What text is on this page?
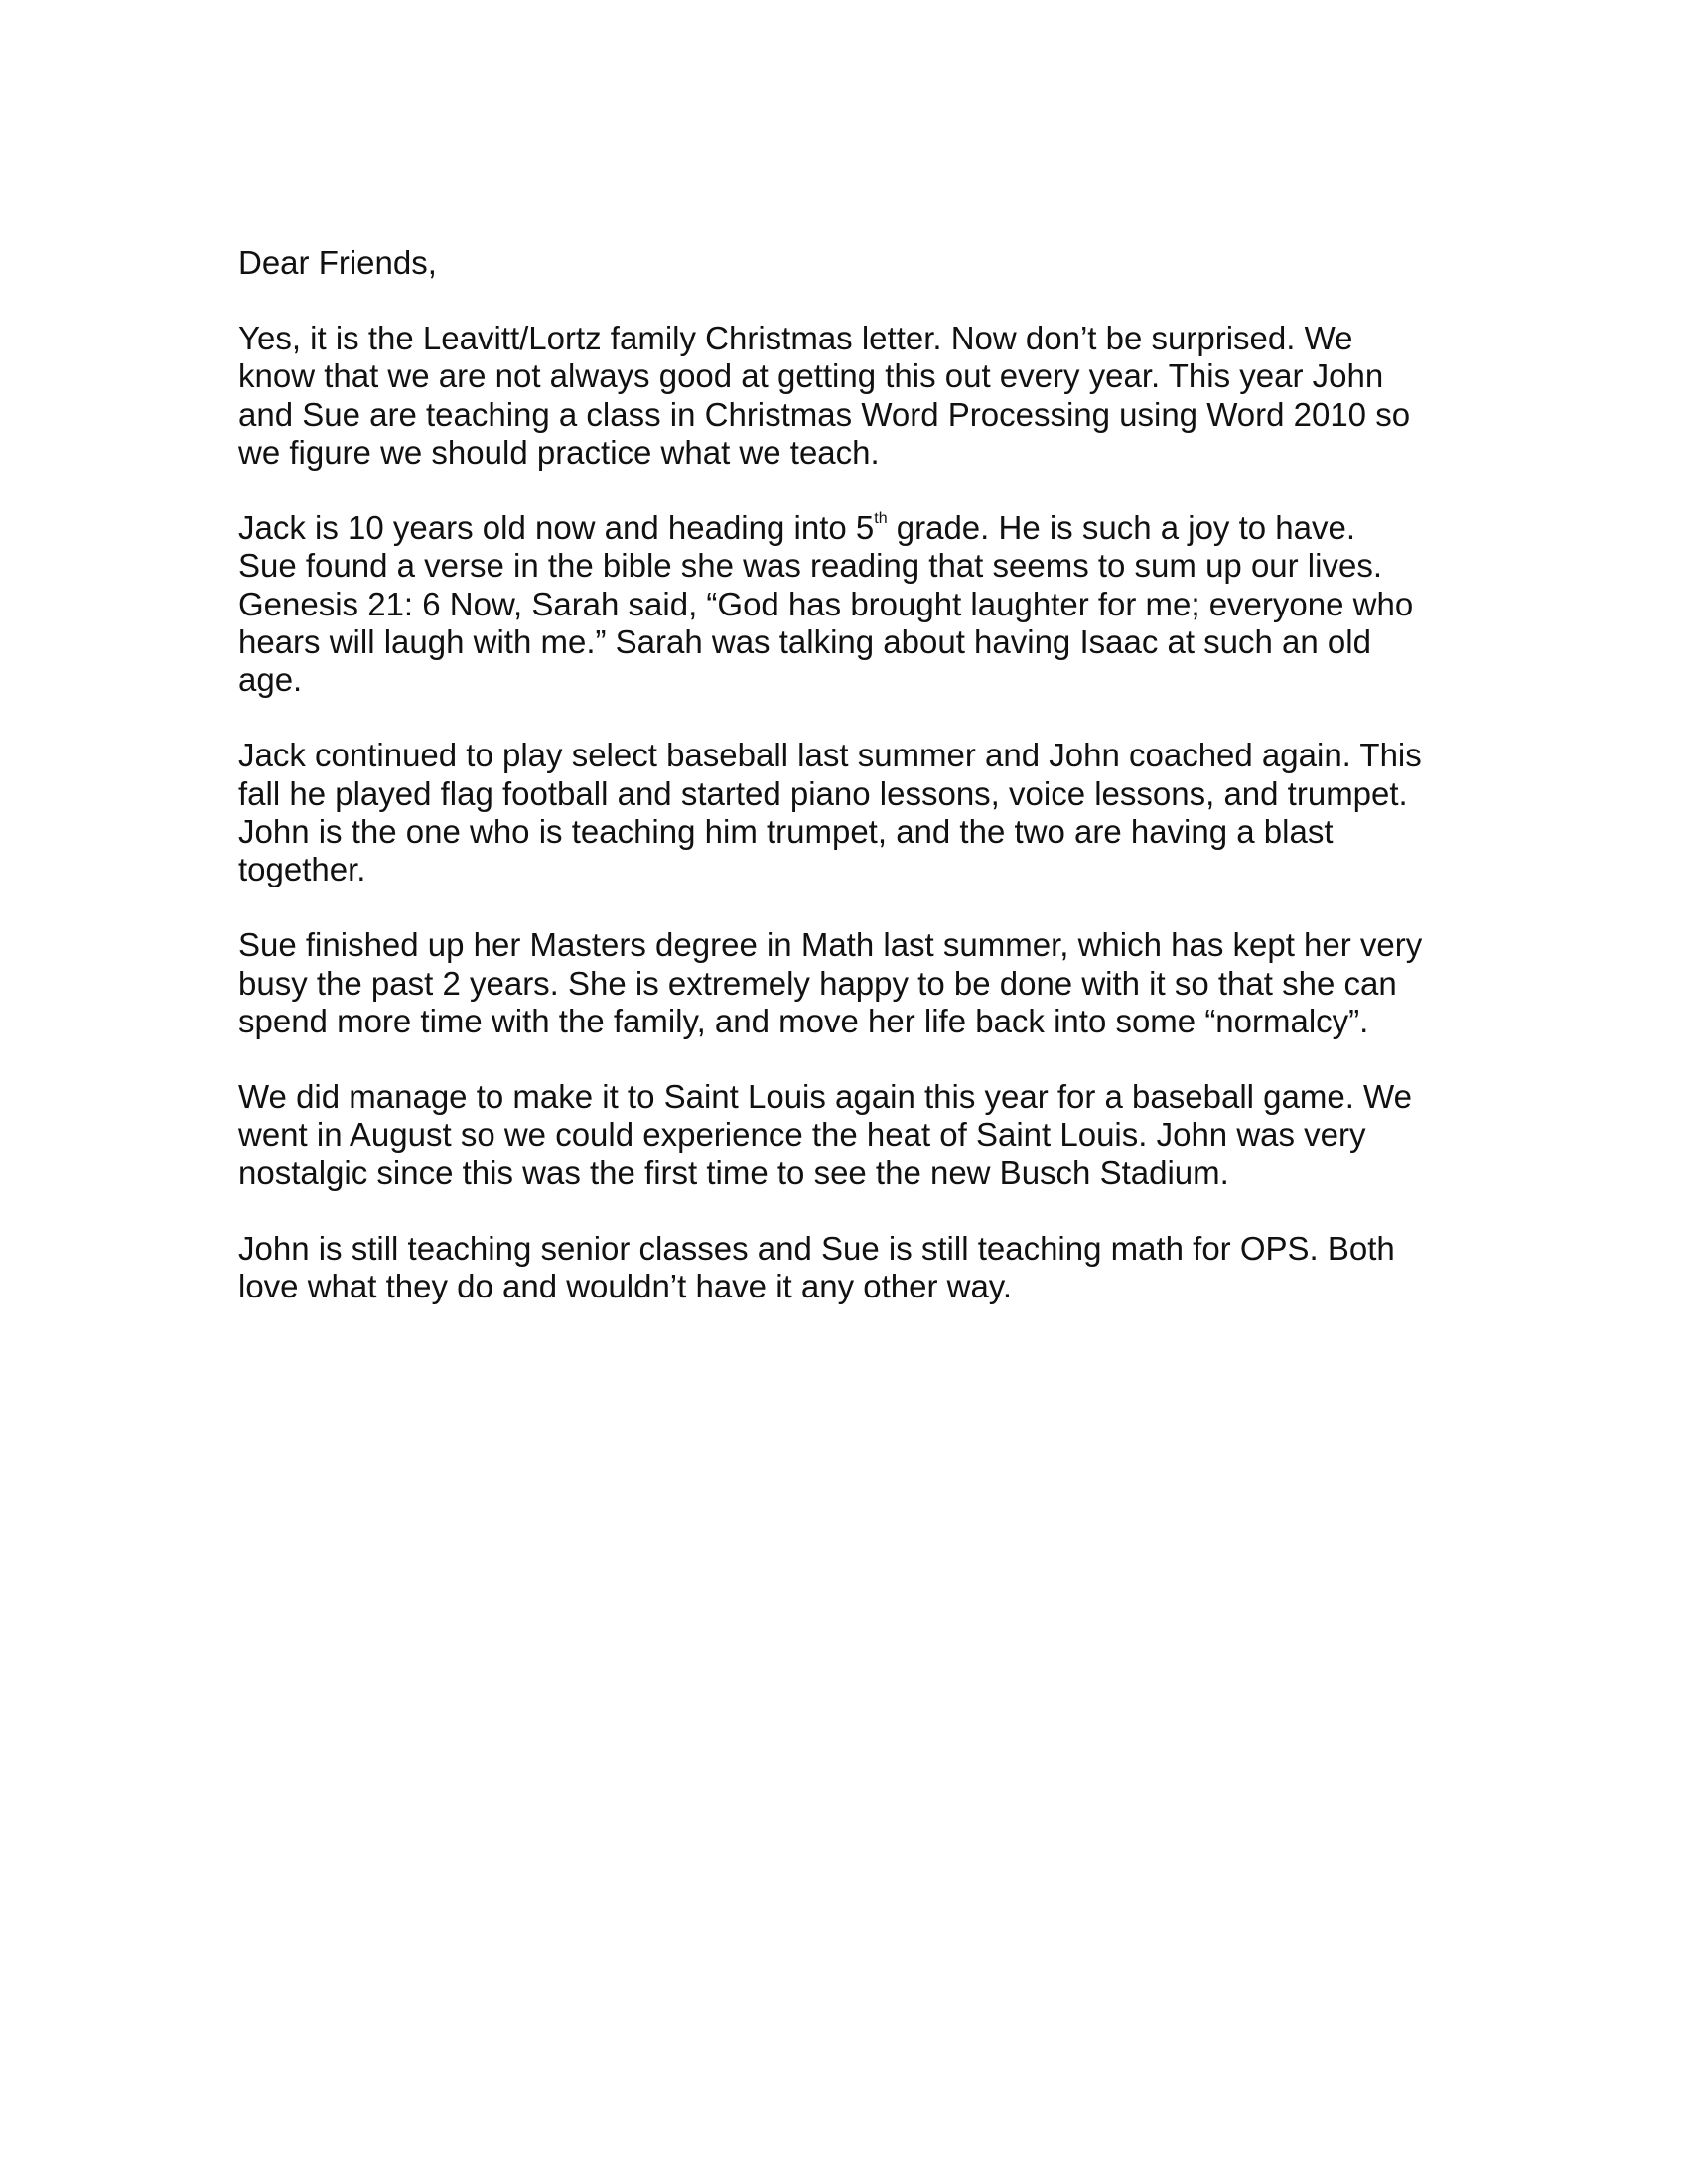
Dear Friends,
Yes, it is the Leavitt/Lortz family Christmas letter. Now don’t be surprised. We
know that we are not always good at getting this out every year. This year John
and Sue are teaching a class in Christmas Word Processing using Word 2010 so
we figure we should practice what we teach.
Jack is 10 years old now and heading into 5th grade. He is such a joy to have.
Sue found a verse in the bible she was reading that seems to sum up our lives.
Genesis 21: 6 Now, Sarah said, “God has brought laughter for me; everyone who
hears will laugh with me.” Sarah was talking about having Isaac at such an old
age.
Jack continued to play select baseball last summer and John coached again. This
fall he played flag football and started piano lessons, voice lessons, and trumpet.
John is the one who is teaching him trumpet, and the two are having a blast
together.
Sue finished up her Masters degree in Math last summer, which has kept her very
busy the past 2 years. She is extremely happy to be done with it so that she can
spend more time with the family, and move her life back into some “normalcy”.
We did manage to make it to Saint Louis again this year for a baseball game. We
went in August so we could experience the heat of Saint Louis. John was very
nostalgic since this was the first time to see the new Busch Stadium.
John is still teaching senior classes and Sue is still teaching math for OPS. Both
love what they do and wouldn’t have it any other way.
